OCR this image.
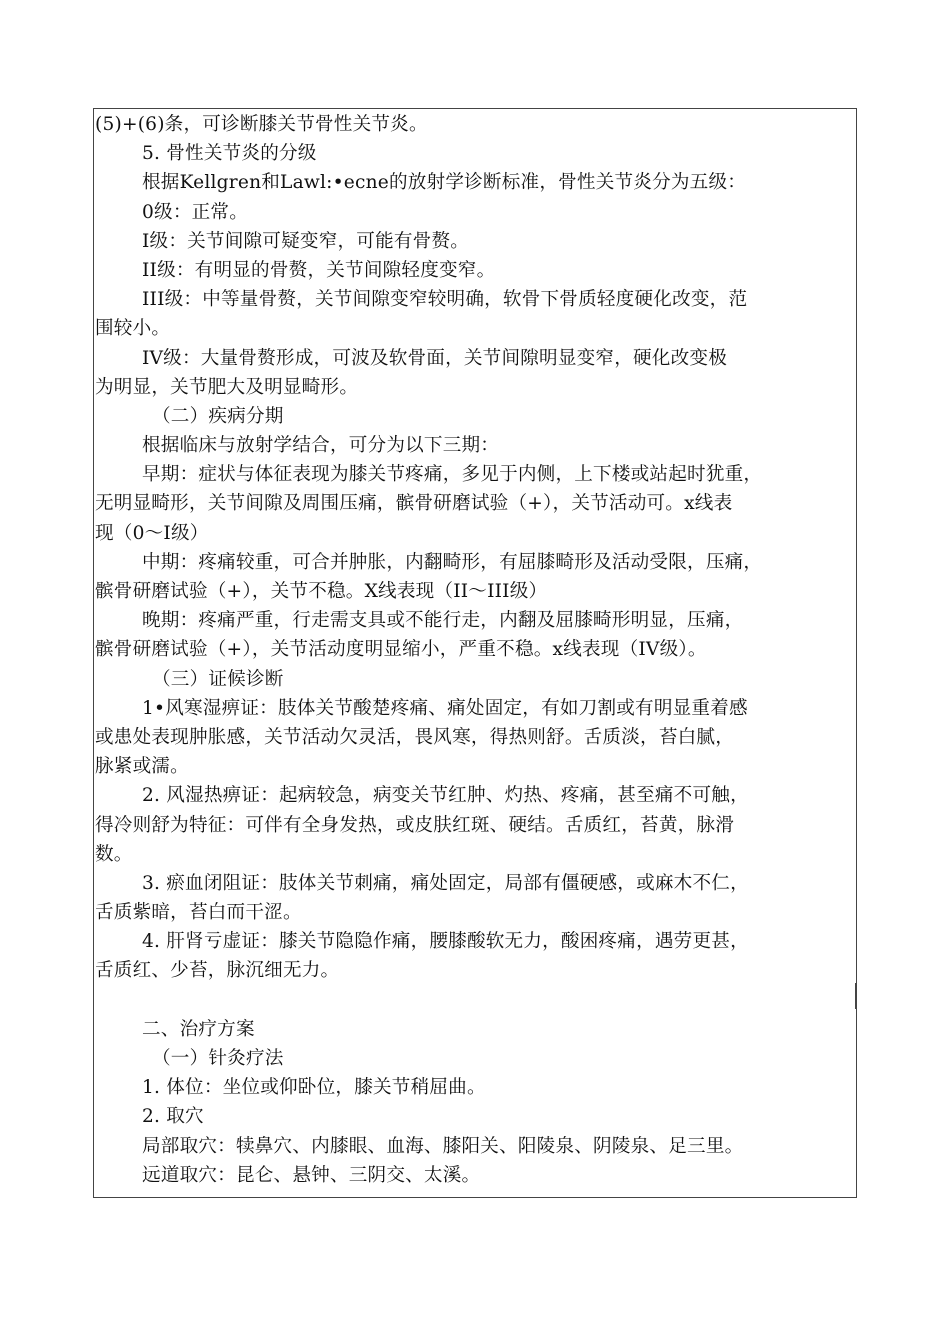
(5)+(6)条，可诊断膝关节骨性关节炎。
5. 骨性关节炎的分级
根据Kellgren和Lawl:•ecne的放射学诊断标准，骨性关节炎分为五级：
0级：正常。
I级：关节间隙可疑变窄，可能有骨赘。
II级：有明显的骨赘，关节间隙轻度变窄。
III级：中等量骨赘，关节间隙变窄较明确，软骨下骨质轻度硬化改变，范
围较小。
IV级：大量骨赘形成，可波及软骨面，关节间隙明显变窄，硬化改变极
为明显，关节肥大及明显畸形。
（二）疾病分期
根据临床与放射学结合，可分为以下三期：
早期：症状与体征表现为膝关节疼痛，多见于内侧，上下楼或站起时犹重，
无明显畸形，关节间隙及周围压痛，髌骨研磨试验（+），关节活动可。x线表
现（0〜I级）
中期：疼痛较重，可合并肿胀，内翻畸形，有屈膝畸形及活动受限，压痛，
髌骨研磨试验（+），关节不稳。X线表现（II〜III级）
晚期：疼痛严重，行走需支具或不能行走，内翻及屈膝畸形明显，压痛，
髌骨研磨试验（+），关节活动度明显缩小，严重不稳。x线表现（IV级）。
（三）证候诊断
1•风寒湿痹证：肢体关节酸楚疼痛、痛处固定，有如刀割或有明显重着感
或患处表现肿胀感，关节活动欠灵活，畏风寒，得热则舒。舌质淡，苔白腻，
脉紧或濡。
2. 风湿热痹证：起病较急，病变关节红肿、灼热、疼痛，甚至痛不可触，
得冷则舒为特征：可伴有全身发热，或皮肤红斑、硬结。舌质红，苔黄，脉滑
数。
3. 瘀血闭阻证：肢体关节刺痛，痛处固定，局部有僵硬感，或麻木不仁，
舌质紫暗，苔白而干涩。
4. 肝肾亏虚证：膝关节隐隐作痛，腰膝酸软无力，酸困疼痛，遇劳更甚，
舌质红、少苔，脉沉细无力。
二、治疗方案
（一）针灸疗法
1. 体位：坐位或仰卧位，膝关节稍屈曲。
2. 取穴
局部取穴：犊鼻穴、内膝眼、血海、膝阳关、阳陵泉、阴陵泉、足三里。
远道取穴：昆仑、悬钟、三阴交、太溪。
